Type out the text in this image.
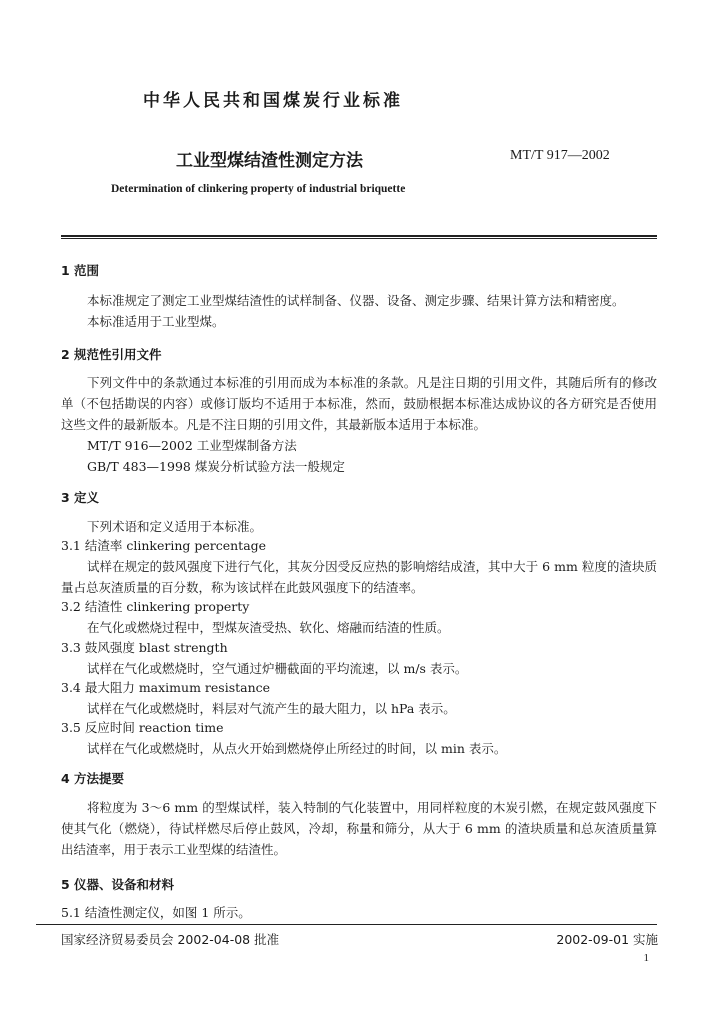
中华人民共和国煤炭行业标准
工业型煤结渣性测定方法	MT/T 917—2002
Determination of clinkering property of industrial briquette
1 范围

本标准规定了测定工业型煤结渣性的试样制备、仪器、设备、测定步骤、结果计算方法和精密度。

本标准适用于工业型煤。

2 规范性引用文件

下列文件中的条款通过本标准的引用而成为本标准的条款。凡是注日期的引用文件，其随后所有的修改单（不包括勘误的内容）或修订版均不适用于本标准，然而，鼓励根据本标准达成协议的各方研究是否使用这些文件的最新版本。凡是不注日期的引用文件，其最新版本适用于本标准。

MT/T 916—2002 工业型煤制备方法

GB/T 483—1998 煤炭分析试验方法一般规定

3 定义

下列术语和定义适用于本标准。

3.1 结渣率 clinkering percentage

试样在规定的鼓风强度下进行气化，其灰分因受反应热的影响熔结成渣，其中大于 6 mm 粒度的渣块质量占总灰渣质量的百分数，称为该试样在此鼓风强度下的结渣率。

3.2 结渣性 clinkering property

在气化或燃烧过程中，型煤灰渣受热、软化、熔融而结渣的性质。

3.3 鼓风强度 blast strength

试样在气化或燃烧时，空气通过炉栅截面的平均流速，以 m/s 表示。

3.4 最大阻力 maximum resistance

试样在气化或燃烧时，料层对气流产生的最大阻力，以 hPa 表示。

3.5 反应时间 reaction time

试样在气化或燃烧时，从点火开始到燃烧停止所经过的时间，以 min 表示。

4 方法提要

将粒度为 3～6 mm 的型煤试样，装入特制的气化装置中，用同样粒度的木炭引燃，在规定鼓风强度下使其气化（燃烧），待试样燃尽后停止鼓风，冷却，称量和筛分，从大于 6 mm 的渣块质量和总灰渣质量算出结渣率，用于表示工业型煤的结渣性。

5 仪器、设备和材料
5.1 结渣性测定仪，如图 1 所示。
国家经济贸易委员会 2002-04-08 批准	2002-09-01 实施
1
